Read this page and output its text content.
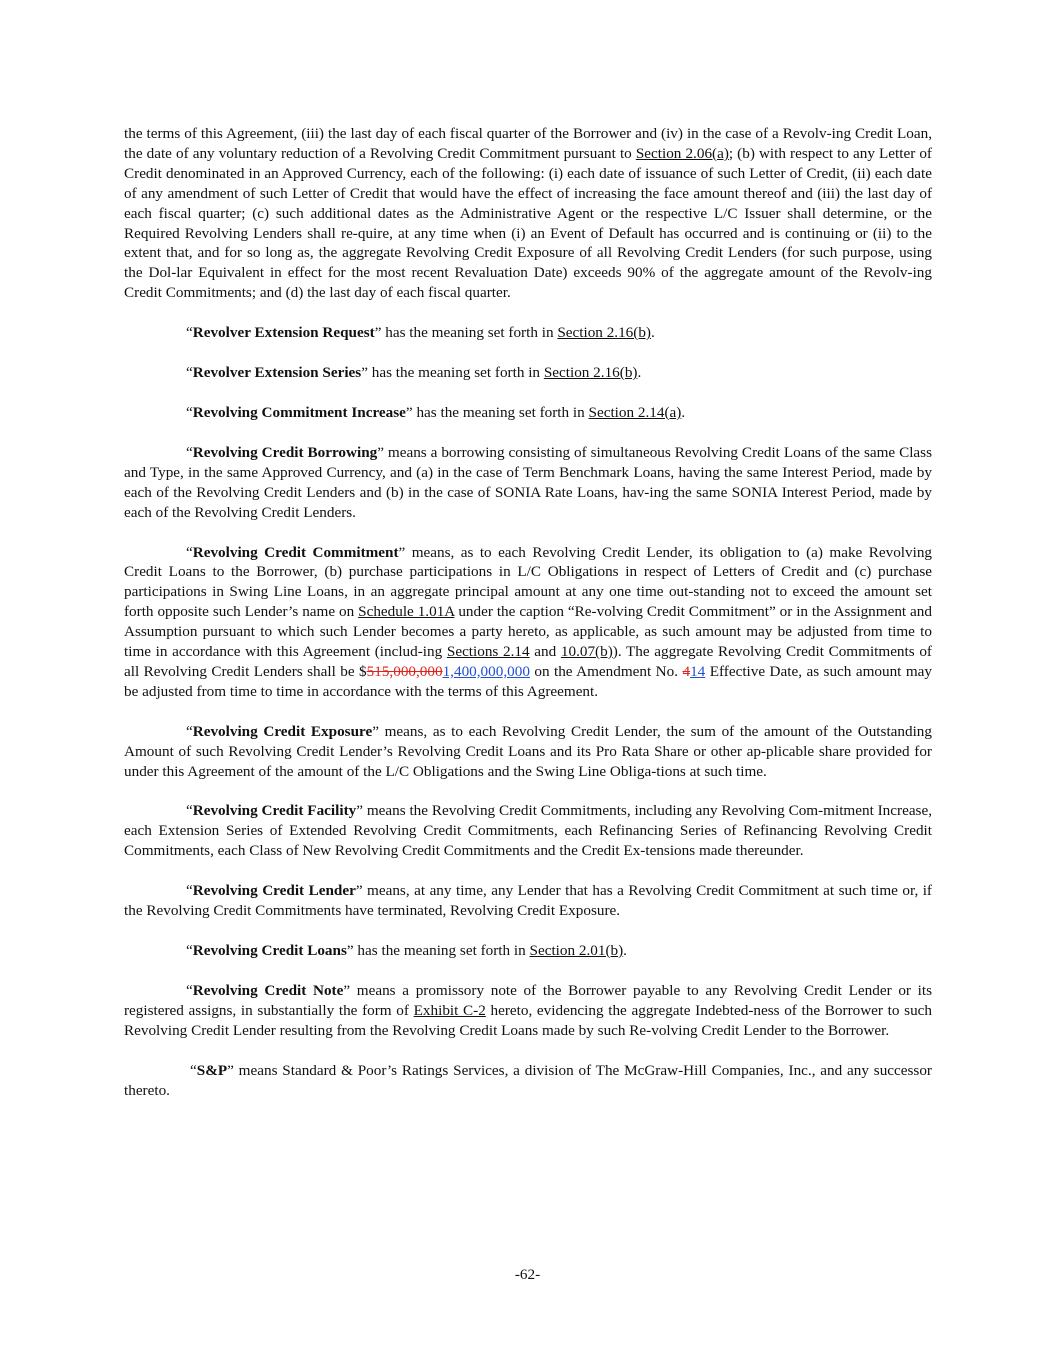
the terms of this Agreement, (iii) the last day of each fiscal quarter of the Borrower and (iv) in the case of a Revolv-ing Credit Loan, the date of any voluntary reduction of a Revolving Credit Commitment pursuant to Section 2.06(a); (b) with respect to any Letter of Credit denominated in an Approved Currency, each of the following: (i) each date of issuance of such Letter of Credit, (ii) each date of any amendment of such Letter of Credit that would have the effect of increasing the face amount thereof and (iii) the last day of each fiscal quarter; (c) such additional dates as the Administrative Agent or the respective L/C Issuer shall determine, or the Required Revolving Lenders shall re-quire, at any time when (i) an Event of Default has occurred and is continuing or (ii) to the extent that, and for so long as, the aggregate Revolving Credit Exposure of all Revolving Credit Lenders (for such purpose, using the Dol-lar Equivalent in effect for the most recent Revaluation Date) exceeds 90% of the aggregate amount of the Revolv-ing Credit Commitments; and (d) the last day of each fiscal quarter.

“Revolver Extension Request” has the meaning set forth in Section 2.16(b).

“Revolver Extension Series” has the meaning set forth in Section 2.16(b).

“Revolving Commitment Increase” has the meaning set forth in Section 2.14(a).

“Revolving Credit Borrowing” means a borrowing consisting of simultaneous Revolving Credit Loans of the same Class and Type, in the same Approved Currency, and (a) in the case of Term Benchmark Loans, having the same Interest Period, made by each of the Revolving Credit Lenders and (b) in the case of SONIA Rate Loans, hav-ing the same SONIA Interest Period, made by each of the Revolving Credit Lenders.

“Revolving Credit Commitment” means, as to each Revolving Credit Lender, its obligation to (a) make Revolving Credit Loans to the Borrower, (b) purchase participations in L/C Obligations in respect of Letters of Credit and (c) purchase participations in Swing Line Loans, in an aggregate principal amount at any one time out-standing not to exceed the amount set forth opposite such Lender’s name on Schedule 1.01A under the caption “Re-volving Credit Commitment” or in the Assignment and Assumption pursuant to which such Lender becomes a party hereto, as applicable, as such amount may be adjusted from time to time in accordance with this Agreement (includ-ing Sections 2.14 and 10.07(b)). The aggregate Revolving Credit Commitments of all Revolving Credit Lenders shall be $515,000,0001,400,000,000 on the Amendment No. 414 Effective Date, as such amount may be adjusted from time to time in accordance with the terms of this Agreement.

“Revolving Credit Exposure” means, as to each Revolving Credit Lender, the sum of the amount of the Outstanding Amount of such Revolving Credit Lender’s Revolving Credit Loans and its Pro Rata Share or other ap-plicable share provided for under this Agreement of the amount of the L/C Obligations and the Swing Line Obliga-tions at such time.

“Revolving Credit Facility” means the Revolving Credit Commitments, including any Revolving Com-mitment Increase, each Extension Series of Extended Revolving Credit Commitments, each Refinancing Series of Refinancing Revolving Credit Commitments, each Class of New Revolving Credit Commitments and the Credit Ex-tensions made thereunder.

“Revolving Credit Lender” means, at any time, any Lender that has a Revolving Credit Commitment at such time or, if the Revolving Credit Commitments have terminated, Revolving Credit Exposure.

“Revolving Credit Loans” has the meaning set forth in Section 2.01(b).

“Revolving Credit Note” means a promissory note of the Borrower payable to any Revolving Credit Lender or its registered assigns, in substantially the form of Exhibit C-2 hereto, evidencing the aggregate Indebted-ness of the Borrower to such Revolving Credit Lender resulting from the Revolving Credit Loans made by such Re-volving Credit Lender to the Borrower.

“S&P” means Standard & Poor’s Ratings Services, a division of The McGraw-Hill Companies, Inc., and any successor thereto.

-62-
